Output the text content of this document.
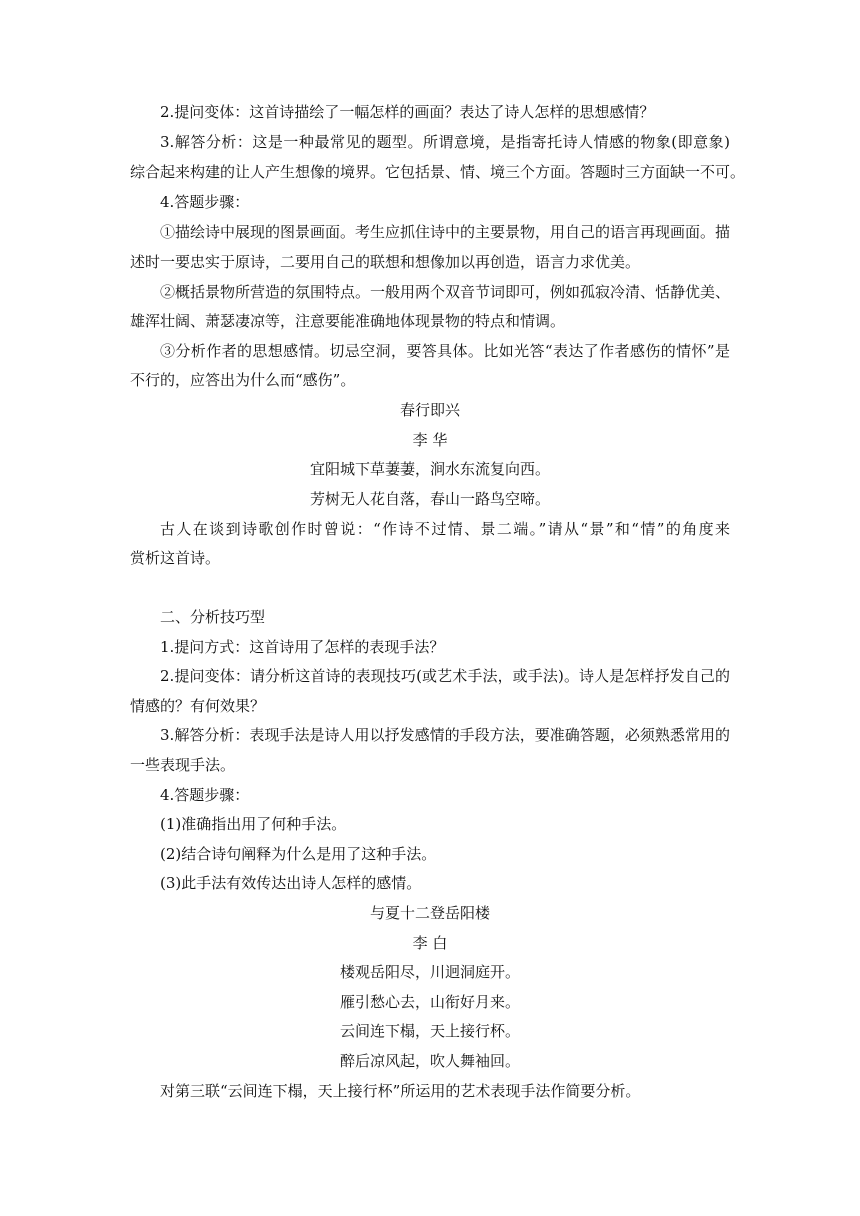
2.提问变体：这首诗描绘了一幅怎样的画面？表达了诗人怎样的思想感情？
3.解答分析：这是一种最常见的题型。所谓意境，是指寄托诗人情感的物象(即意象)
综合起来构建的让人产生想像的境界。它包括景、情、境三个方面。答题时三方面缺一不可。
4.答题步骤：
①描绘诗中展现的图景画面。考生应抓住诗中的主要景物，用自己的语言再现画面。描
述时一要忠实于原诗，二要用自己的联想和想像加以再创造，语言力求优美。
②概括景物所营造的氛围特点。一般用两个双音节词即可，例如孤寂冷清、恬静优美、
雄浑壮阔、萧瑟凄凉等，注意要能准确地体现景物的特点和情调。
③分析作者的思想感情。切忌空洞，要答具体。比如光答“表达了作者感伤的情怀”是
不行的，应答出为什么而“感伤”。
春行即兴
李 华
宜阳城下草萋萋，涧水东流复向西。
芳树无人花自落，春山一路鸟空啼。
古人在谈到诗歌创作时曾说：“作诗不过情、景二端。”请从“景”和“情”的角度来
赏析这首诗。
二、分析技巧型
1.提问方式：这首诗用了怎样的表现手法？
2.提问变体：请分析这首诗的表现技巧(或艺术手法，或手法)。诗人是怎样抒发自己的
情感的？有何效果？
3.解答分析：表现手法是诗人用以抒发感情的手段方法，要准确答题，必须熟悉常用的
一些表现手法。
4.答题步骤：
(1)准确指出用了何种手法。
(2)结合诗句阐释为什么是用了这种手法。
(3)此手法有效传达出诗人怎样的感情。
与夏十二登岳阳楼
李 白
楼观岳阳尽，川迥洞庭开。
雁引愁心去，山衔好月来。
云间连下榻，天上接行杯。
醉后凉风起，吹人舞袖回。
对第三联“云间连下榻，天上接行杯”所运用的艺术表现手法作简要分析。
